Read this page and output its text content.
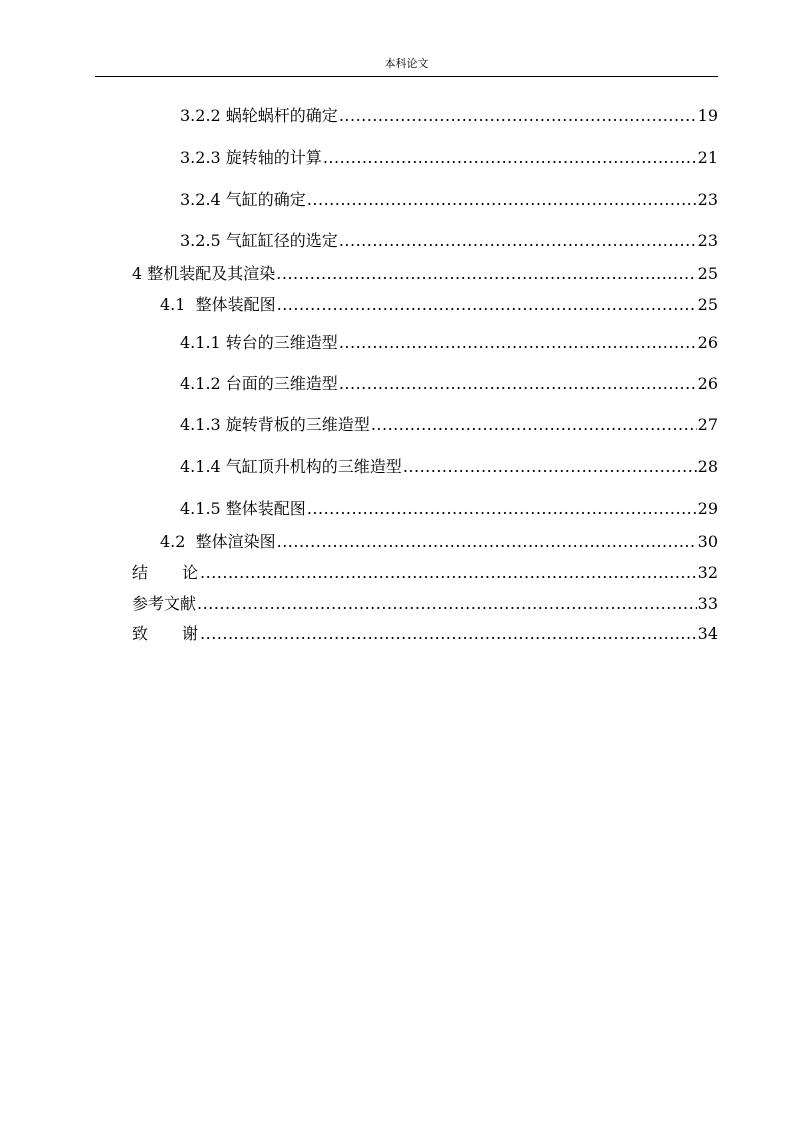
本科论文
3.2.2 蜗轮蜗杆的确定 .....	19
3.2.3 旋转轴的计算 .....	21
3.2.4 气缸的确定 .....	23
3.2.5 气缸缸径的选定 .....	23
4 整机装配及其渲染 .....	25
4.1  整体装配图 .....	25
4.1.1 转台的三维造型 .....	26
4.1.2 台面的三维造型 .....	26
4.1.3 旋转背板的三维造型 .....	27
4.1.4 气缸顶升机构的三维造型 .....	28
4.1.5 整体装配图 .....	29
4.2  整体渲染图 .....	30
结论 .....	32
参考文献 .....	33
致谢 .....	34
